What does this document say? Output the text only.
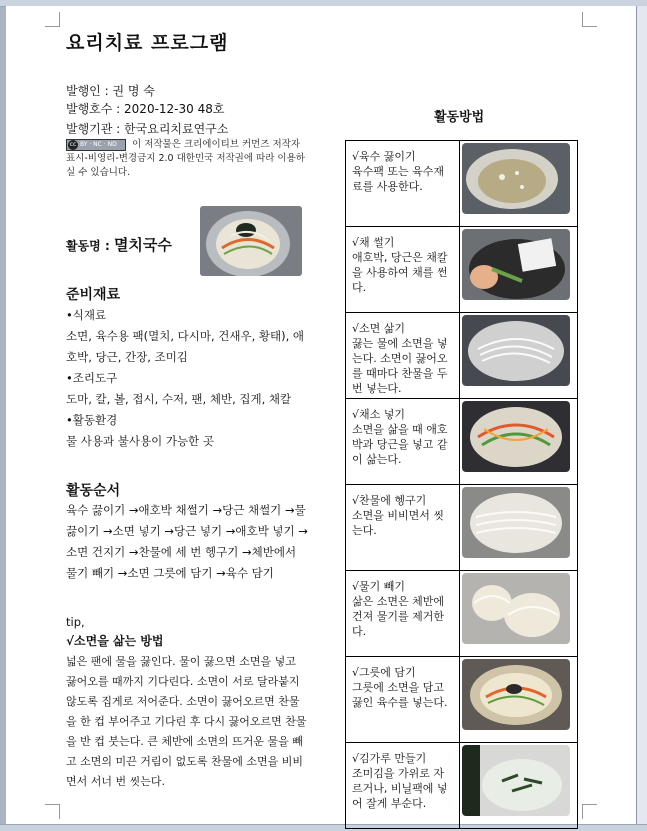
요리치료 프로그램
발행인 : 권 명 숙
발행호수 : 2020-12-30 48호
발행기관 : 한국요리치료연구소
cc BY · NC · ND 이 저작물은 크리에이티브 커먼즈 저작자표시-비영리-변경금지 2.0 대한민국 저작권에 따라 이용하실 수 있습니다.
활동명 : 멸치국수
준비재료
•식재료
소면, 육수용 팩(멸치, 다시마, 건새우, 황태), 애호박, 당근, 간장, 조미김
•조리도구
도마, 칼, 볼, 접시, 수저, 팬, 체반, 집게, 채칼
•활동환경
물 사용과 불사용이 가능한 곳
활동순서
육수 끓이기 →애호박 채썰기 →당근 채썰기 →물 끓이기 →소면 넣기 →당근 넣기 →애호박 넣기 →소면 건지기 →찬물에 세 번 헹구기 →체반에서 물기 빼기 →소면 그릇에 담기 →육수 담기
tip,
√소면을 삶는 방법
넓은 팬에 물을 끓인다. 물이 끓으면 소면을 넣고 끓어오를 때까지 기다린다. 소면이 서로 달라붙지 않도록 집게로 저어준다. 소면이 끓어오르면 찬물을 한 컵 부어주고 기다린 후 다시 끓어오르면 찬물을 반 컵 붓는다. 큰 체반에 소면의 뜨거운 물을 빼고 소면의 미끈 거림이 없도록 찬물에 소면을 비비면서 서너 번 씻는다.
활동방법
√육수 끓이기
육수팩 또는 육수재료를 사용한다.

√채 썰기
애호박, 당근은 채칼을 사용하여 채를 썬다.

√소면 삶기
끓는 물에 소면을 넣는다. 소면이 끓어오를 때마다 찬물을 두 번 넣는다.

√채소 넣기
소면을 삶을 때 애호박과 당근을 넣고 같이 삶는다.

√찬물에 헹구기
소면을 비비면서 씻는다.

√물기 빼기
삶은 소면은 체반에 건져 물기를 제거한다.

√그릇에 담기
그릇에 소면을 담고 끓인 육수를 넣는다.

√김가루 만들기
조미김을 가위로 자르거나, 비닐팩에 넣어 잘게 부순다.
